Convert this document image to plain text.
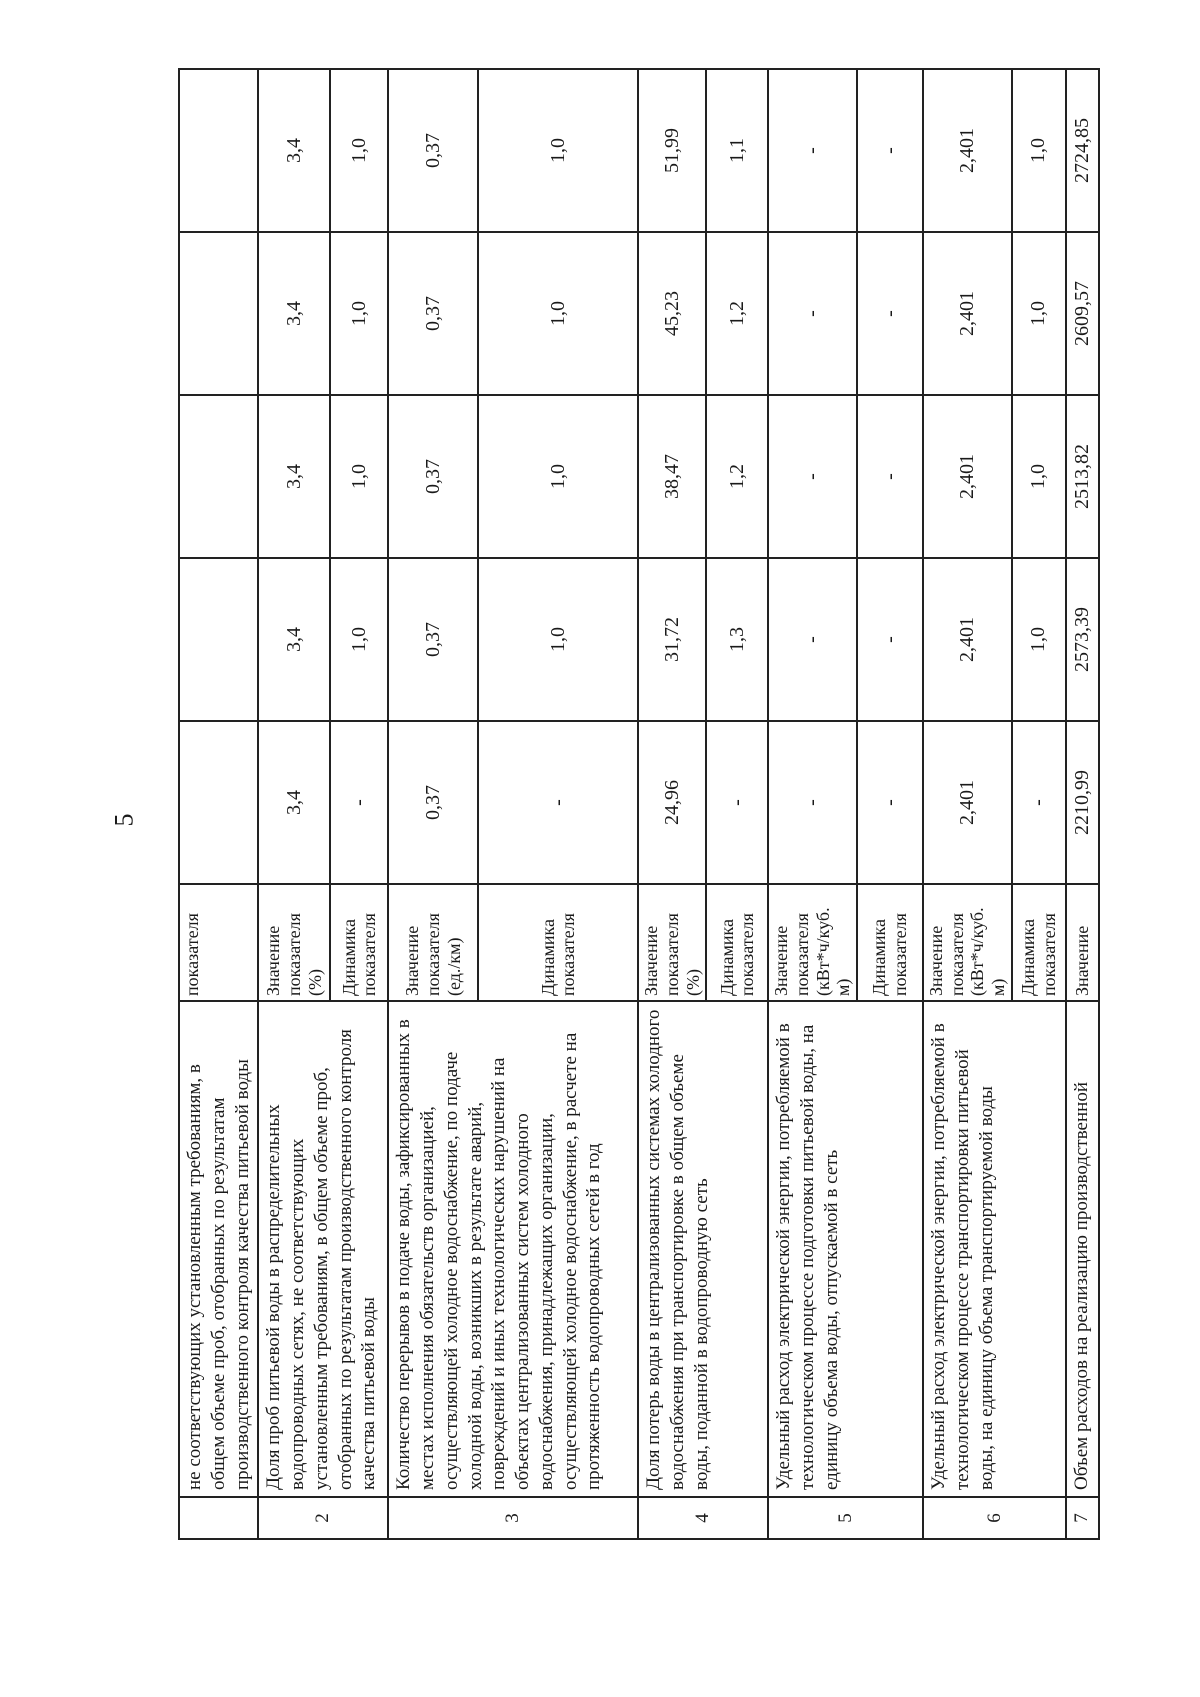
5
	не соответствующих установленным требованиям, в общем объеме проб, отобранных по результатам производственного контроля качества питьевой воды	показателя					
2	Доля проб питьевой воды в распределительных водопроводных сетях, не соответствующих установленным требованиям, в общем объеме проб, отобранных по результатам производственного контроля качества питьевой воды	Значение показателя (%)	3,4	3,4	3,4	3,4	3,4
		Динамика показателя	-	1,0	1,0	1,0	1,0
3	Количество перерывов в подаче воды, зафиксированных в местах исполнения обязательств организацией, осуществляющей холодное водоснабжение, по подаче холодной воды, возникших в результате аварий, повреждений и иных технологических нарушений на объектах централизованных систем холодного водоснабжения, принадлежащих организации, осуществляющей холодное водоснабжение, в расчете на протяженность водопроводных сетей в год	Значение показателя (ед./км)	0,37	0,37	0,37	0,37	0,37
		Динамика показателя	-	1,0	1,0	1,0	1,0
4	Доля потерь воды в централизованных системах холодного водоснабжения при транспортировке в общем объеме воды, поданной в водопроводную сеть	Значение показателя (%)	24,96	31,72	38,47	45,23	51,99
		Динамика показателя	-	1,3	1,2	1,2	1,1
5	Удельный расход электрической энергии, потребляемой в технологическом процессе подготовки питьевой воды, на единицу объема воды, отпускаемой в сеть	Значение показателя (кВт*ч/куб. м)	-	-	-	-	-
		Динамика показателя	-	-	-	-	-
6	Удельный расход электрической энергии, потребляемой в технологическом процессе транспортировки питьевой воды, на единицу объема транспортируемой воды	Значение показателя (кВт*ч/куб. м)	2,401	2,401	2,401	2,401	2,401
		Динамика показателя	-	1,0	1,0	1,0	1,0
7	Объем расходов на реализацию производственной	Значение	2210,99	2573,39	2513,82	2609,57	2724,85
